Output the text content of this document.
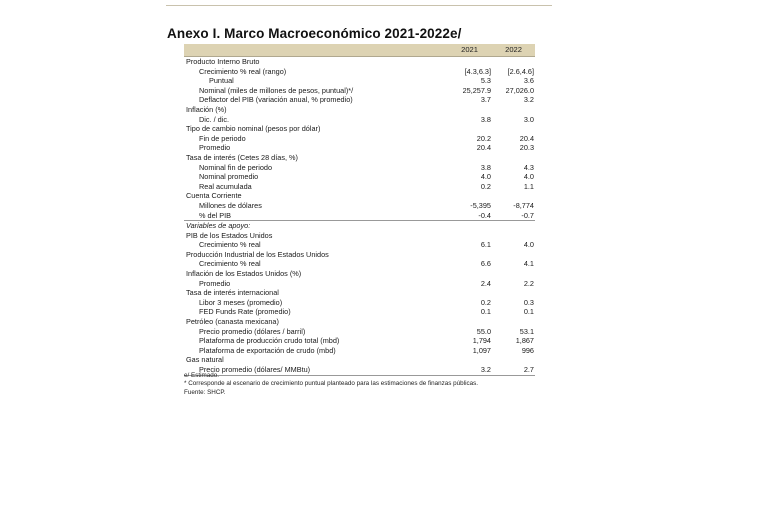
Anexo I. Marco Macroeconómico 2021-2022e/
2021	2022
Producto Interno Bruto
Crecimiento % real (rango)	[4.3,6.3] [2.6,4.6]
Puntual	5.3	3.6
Nominal (miles de millones de pesos, puntual)*/	25,257.9 27,026.0
Deflactor del PIB (variación anual, % promedio)	3.7	3.2
Inflación (%)
Dic. / dic.	3.8	3.0
Tipo de cambio nominal (pesos por dólar)
Fin de periodo	20.2	20.4
Promedio	20.4	20.3
Tasa de interés (Cetes 28 días, %)
Nominal fin de periodo	3.8	4.3
Nominal promedio	4.0	4.0
Real acumulada	0.2	1.1
Cuenta Corriente
Millones de dólares	-5,395	-8,774
% del PIB	-0.4	-0.7
Variables de apoyo:
PIB de los Estados Unidos
Crecimiento % real	6.1	4.0
Producción Industrial de los Estados Unidos
Crecimiento % real	6.6	4.1
Inflación de los Estados Unidos (%)
Promedio	2.4	2.2
Tasa de interés internacional
Libor 3 meses (promedio)	0.2	0.3
FED Funds Rate (promedio)	0.1	0.1
Petróleo (canasta mexicana)
Precio promedio (dólares / barril)	55.0	53.1
Plataforma de producción crudo total (mbd)	1,794	1,867
Plataforma de exportación de crudo (mbd)	1,097	996
Gas natural
Precio promedio (dólares/ MMBtu)	3.2	2.7
e/ Estimado.
* Corresponde al escenario de crecimiento puntual planteado para las estimaciones de finanzas públicas.
Fuente: SHCP.
